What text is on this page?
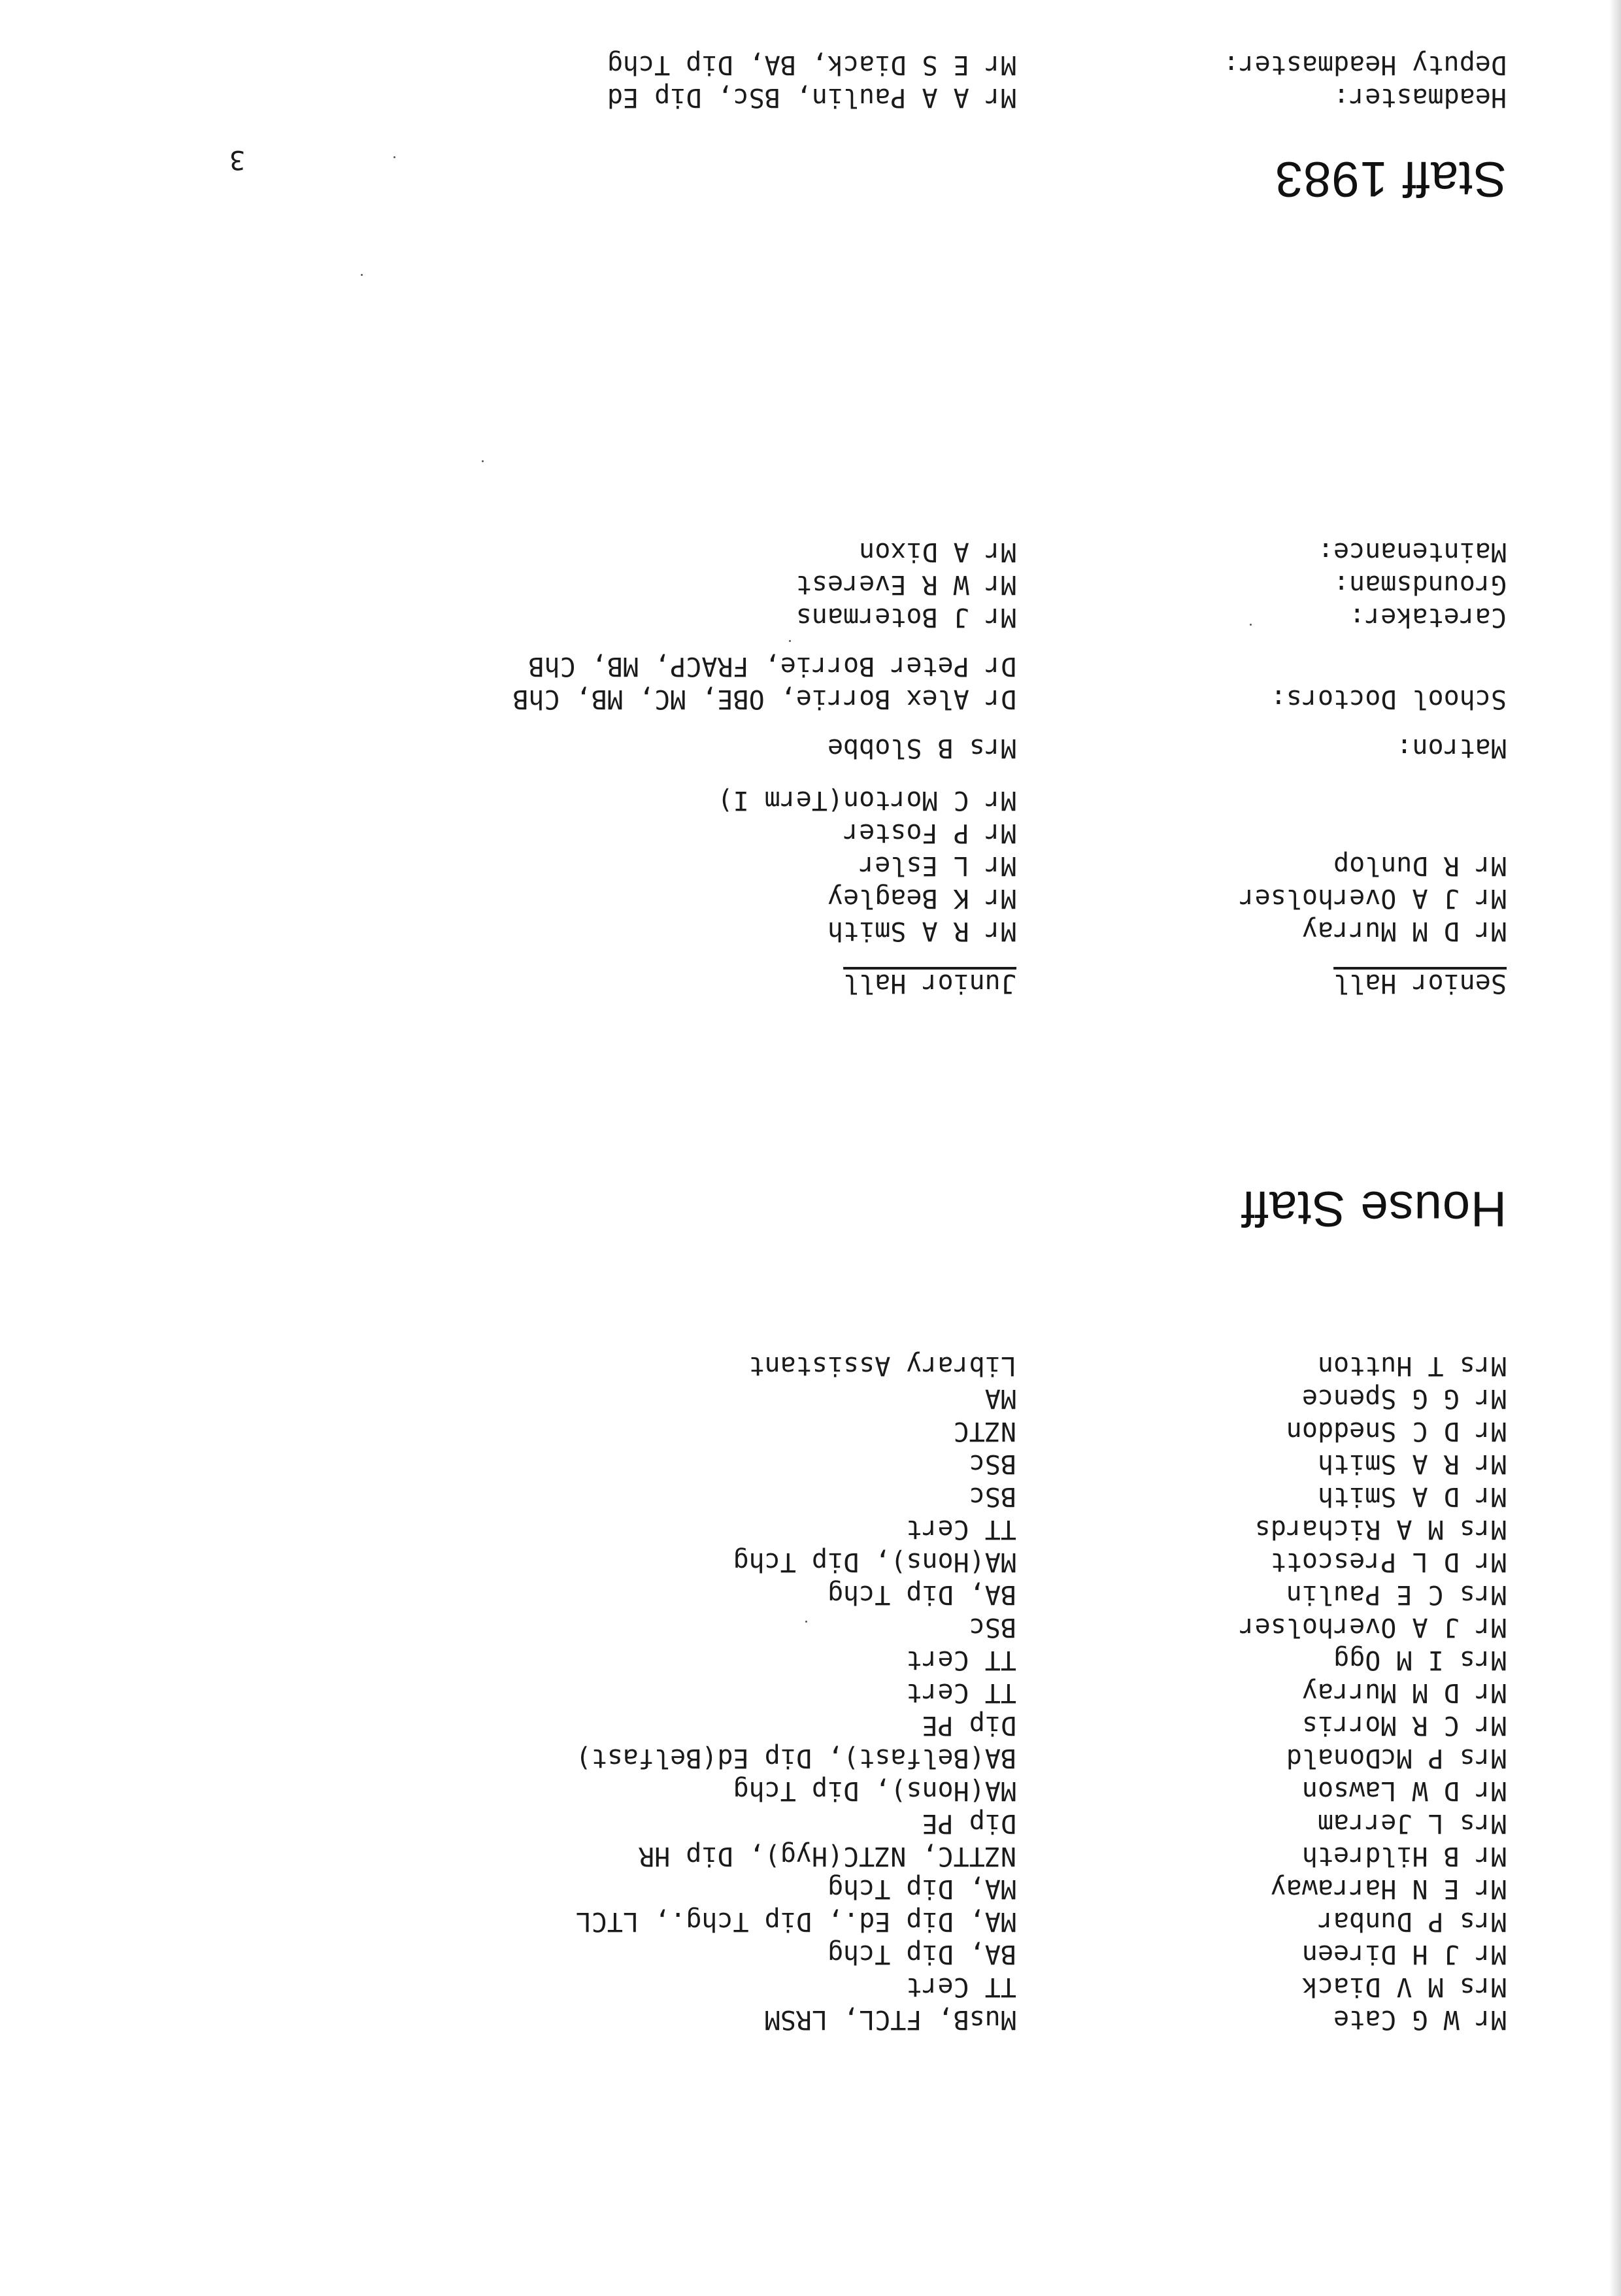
Staff 1983
Headmaster:
Mr A A Paulin, BSc, Dip Ed
Deputy Headmaster:
Mr E S Diack, BA, Dip Tchg
Mr W G Cate
MusB, FTCL, LRSM
Mrs M V Diack
TT Cert
Mr J H Direen
BA, Dip Tchg
Mrs P Dunbar
MA, Dip Ed., Dip Tchg., LTCL
Mr E N Harraway
MA, Dip Tchg
Mr B Hildreth
NZTTC, NZTC(Hyg), Dip HR
Mrs L Jerram
Dip PE
Mr D W Lawson
MA(Hons), Dip Tchg
Mrs P McDonald
BA(Belfast), Dip Ed(Belfast)
Mr C R Morris
Dip PE
Mr D M Murray
TT Cert
Mrs I M Ogg
TT Cert
Mr J A Overholser
BSc
Mrs C E Paulin
BA, Dip Tchg
Mr D L Prescott
MA(Hons), Dip Tchg
Mrs M A Richards
TT Cert
Mr D A Smith
BSc
Mr R A Smith
BSc
Mr D C Sneddon
NZTC
Mr G G Spence
MA
Mrs T Hutton
Library Assistant
House Staff
Senior Hall
Mr D M Murray
Mr J A Overholser
Mr R Dunlop
Junior Hall
Mr R A Smith
Mr K Beagley
Mr L Esler
Mr P Foster
Mr C Morton(Term I)
Matron:
Mrs B Slobbe
School Doctors:
Dr Alex Borrie, OBE, MC, MB, ChB
Dr Peter Borrie, FRACP, MB, ChB
Caretaker:
Mr J Botermans
Groundsman:
Mr W R Everest
Maintenance:
Mr A Dixon
3
